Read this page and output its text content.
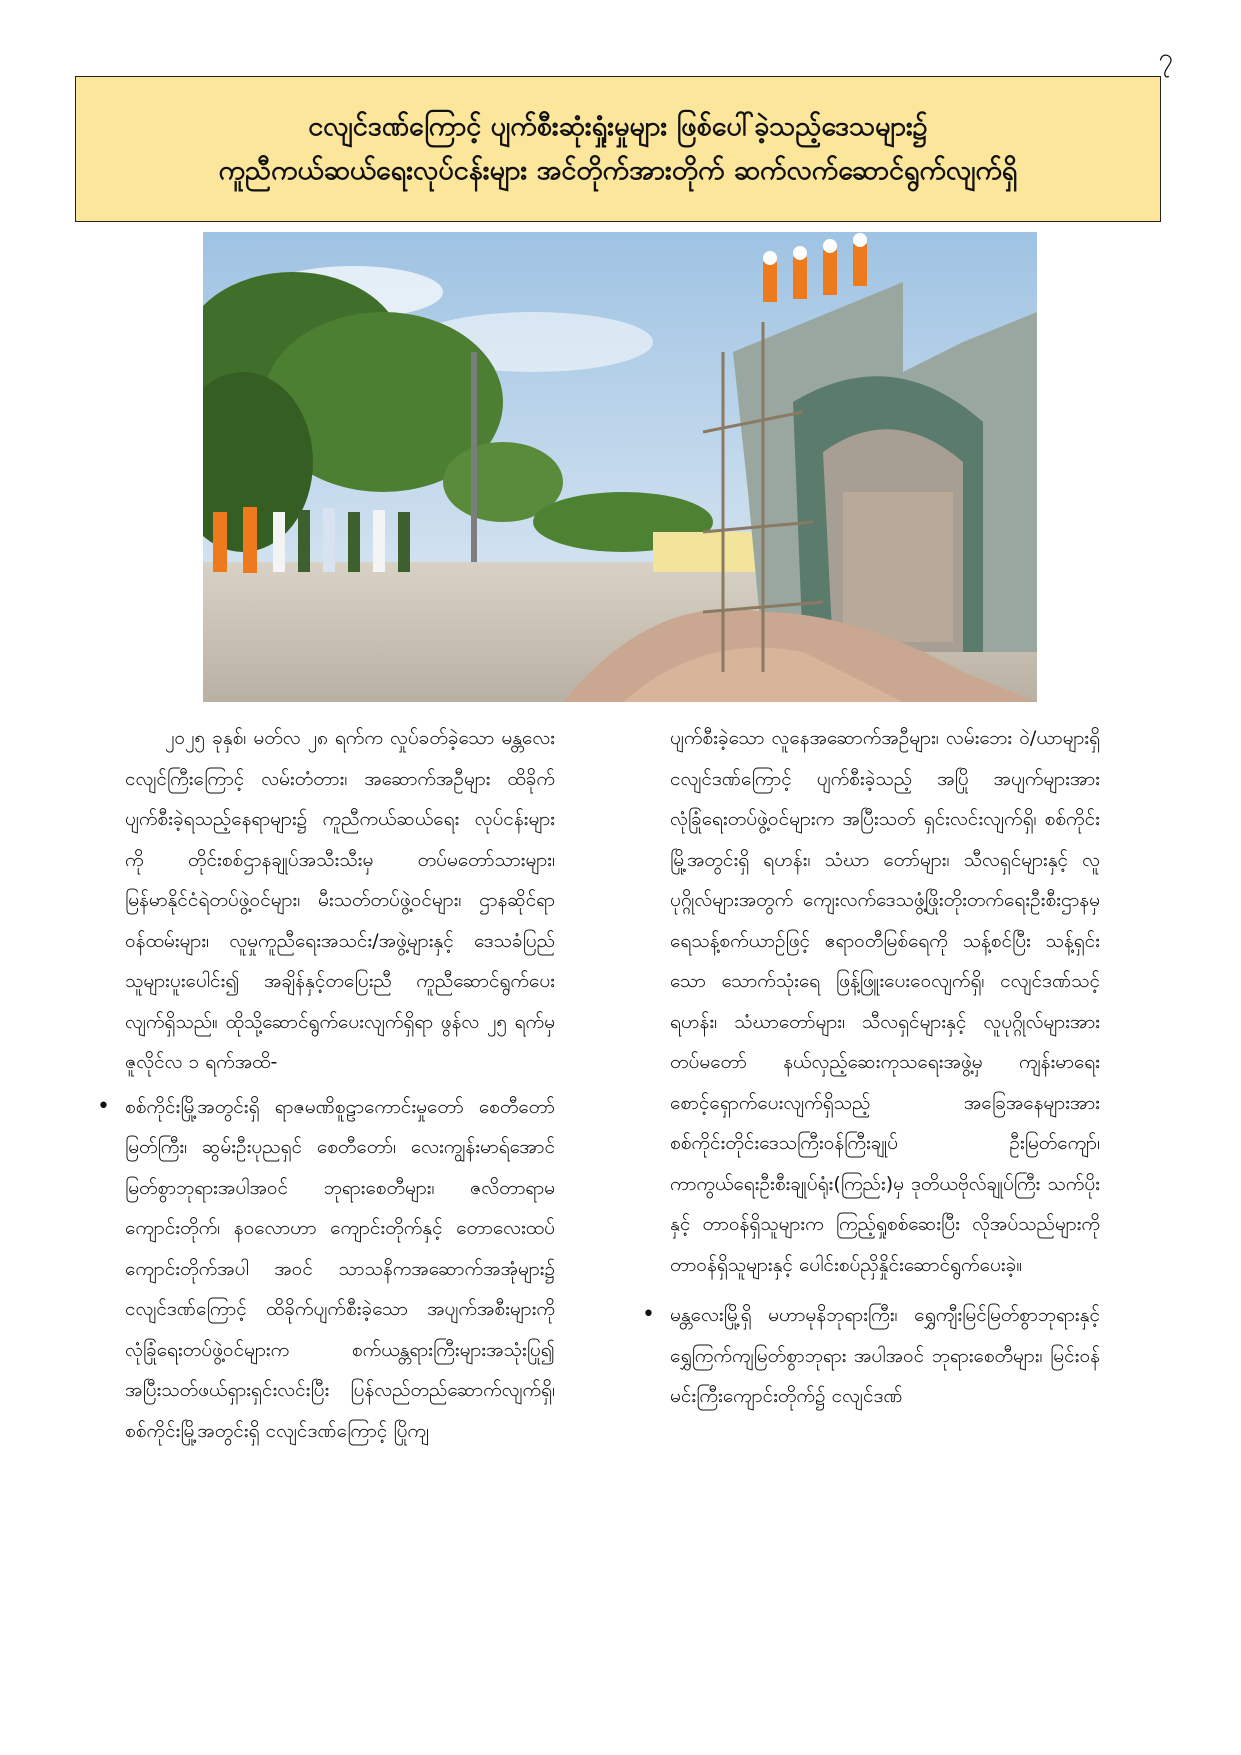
၇
ငလျင်ဒဏ်ကြောင့် ပျက်စီးဆုံးရှုံးမှုများ ဖြစ်ပေါ်ခဲ့သည့်ဒေသများ၌
ကူညီကယ်ဆယ်ရေးလုပ်ငန်းများ အင်တိုက်အားတိုက် ဆက်လက်ဆောင်ရွက်လျက်ရှိ

၂၀၂၅ ခုနှစ်၊ မတ်လ ၂၈ ရက်က လှုပ်ခတ်ခဲ့သော မန္တလေးငလျင်ကြီးကြောင့် လမ်းတံတား၊ အဆောက်အဦများ ထိခိုက်ပျက်စီးခဲ့ရသည့်နေရာများ၌ ကူညီကယ်ဆယ်ရေး လုပ်ငန်းများကို တိုင်းစစ်ဌာနချုပ်အသီးသီးမှ တပ်မတော်သားများ၊ မြန်မာနိုင်ငံရဲတပ်ဖွဲ့ဝင်များ၊ မီးသတ်တပ်ဖွဲ့ဝင်များ၊ ဌာနဆိုင်ရာဝန်ထမ်းများ၊ လူမှုကူညီရေးအသင်း/အဖွဲ့များနှင့် ဒေသခံပြည်သူများပူးပေါင်း၍ အချိန်နှင့်တပြေးညီ ကူညီဆောင်ရွက်ပေးလျက်ရှိသည်။ ထိုသို့ဆောင်ရွက်ပေးလျက်ရှိရာ ဖွန်လ ၂၅ ရက်မှ ဇူလိုင်လ ၁ ရက်အထိ-

• စစ်ကိုင်းမြို့အတွင်းရှိ ရာဇမဏိစူဠာကောင်းမှုတော် စေတီတော်မြတ်ကြီး၊ ဆွမ်းဦးပုညရှင် စေတီတော်၊ လေးကျွန်းမာရ်အောင်မြတ်စွာဘုရားအပါအဝင် ဘုရားစေတီများ၊ ဇလိတာရာမ ကျောင်းတိုက်၊ နဝလောဟာ ကျောင်းတိုက်နှင့် တောလေးထပ်ကျောင်းတိုက်အပါ အဝင် သာသနိကအဆောက်အအုံများ၌ ငလျင်ဒဏ်ကြောင့် ထိခိုက်ပျက်စီးခဲ့သော အပျက်အစီးများကို လုံခြုံရေးတပ်ဖွဲ့ဝင်များက စက်ယန္တရားကြီးများအသုံးပြု၍ အပြီးသတ်ဖယ်ရှားရှင်းလင်းပြီး ပြန်လည်တည်ဆောက်လျက်ရှိ၊ စစ်ကိုင်းမြို့အတွင်းရှိ ငလျင်ဒဏ်ကြောင့် ပြိုကျ

ပျက်စီးခဲ့သော လူနေအဆောက်အဦများ၊ လမ်းဘေး ဝဲ/ယာများရှိ ငလျင်ဒဏ်ကြောင့် ပျက်စီးခဲ့သည့် အပြို အပျက်များအား လုံခြုံရေးတပ်ဖွဲ့ဝင်များက အပြီးသတ် ရှင်းလင်းလျက်ရှိ၊ စစ်ကိုင်းမြို့အတွင်းရှိ ရဟန်း၊ သံဃာ တော်များ၊ သီလရှင်များနှင့် လူပုဂ္ဂိုလ်များအတွက် ကျေးလက်ဒေသဖွံ့ဖြိုးတိုးတက်ရေးဦးစီးဌာနမှ ရေသန့်စက်ယာဉ်ဖြင့် ဧရာဝတီမြစ်ရေကို သန့်စင်ပြီး သန့်ရှင်းသော သောက်သုံးရေ ဖြန့်ဖြူးပေးဝေလျက်ရှိ၊ ငလျင်ဒဏ်သင့် ရဟန်း၊ သံဃာတော်များ၊ သီလရှင်များနှင့် လူပုဂ္ဂိုလ်များအား တပ်မတော် နယ်လှည့်ဆေးကုသရေးအဖွဲ့မှ ကျန်းမာရေးစောင့်ရှောက်ပေးလျက်ရှိသည့် အခြေအနေများအား စစ်ကိုင်းတိုင်းဒေသကြီးဝန်ကြီးချုပ် ဦးမြတ်ကျော်၊ ကာကွယ်ရေးဦးစီးချုပ်ရုံး(ကြည်း)မှ ဒုတိယဗိုလ်ချုပ်ကြီး သက်ပိုးနှင့် တာဝန်ရှိသူများက ကြည့်ရှုစစ်ဆေးပြီး လိုအပ်သည်များကို တာဝန်ရှိသူများနှင့် ပေါင်းစပ်ညှိနှိုင်းဆောင်ရွက်ပေးခဲ့။

• မန္တလေးမြို့ရှိ မဟာမုနိဘုရားကြီး၊ ရွှေကျီးမြင်မြတ်စွာဘုရားနှင့် ရွှေကြက်ကျမြတ်စွာဘုရား အပါအဝင် ဘုရားစေတီများ၊ မြင်းဝန်မင်းကြီးကျောင်းတိုက်၌ ငလျင်ဒဏ်
